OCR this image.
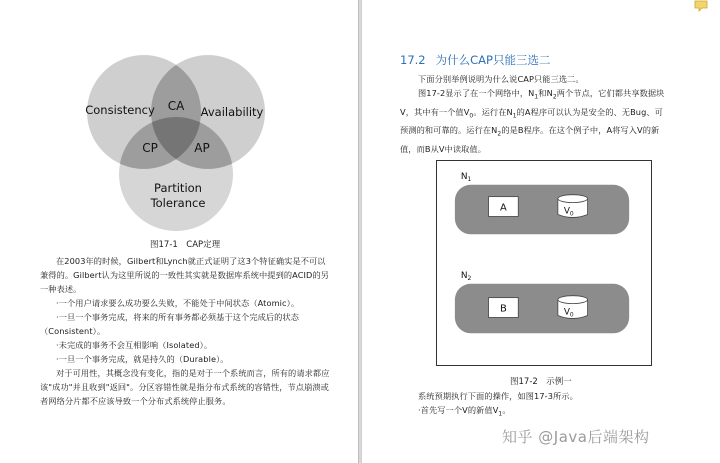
Consistency	Availability
CA
CP	AP
Partition
Tolerance
图17-1　CAP定理

在2003年的时候，Gilbert和Lynch就正式证明了这3个特征确实是不可以兼得的。Gilbert认为这里所说的一致性其实就是数据库系统中提到的ACID的另一种表述。

·一个用户请求要么成功要么失败，不能处于中间状态（Atomic）。

·一旦一个事务完成，将来的所有事务都必须基于这个完成后的状态（Consistent）。

·未完成的事务不会互相影响（Isolated）。

·一旦一个事务完成，就是持久的（Durable）。

对于可用性，其概念没有变化，指的是对于一个系统而言，所有的请求都应该"成功"并且收到"返回"。分区容错性就是指分布式系统的容错性，节点崩溃或者网络分片都不应该导致一个分布式系统停止服务。

17.2 为什么CAP只能三选二

下面分别举例说明为什么说CAP只能三选二。

图17-2显示了在一个网络中，$N_1$和$N_2$两个节点，它们都共享数据块V，其中有一个值$V_0$。运行在$N_1$的A程序可以认为是安全的、无Bug、可预测的和可靠的。运行在$N_2$的是B程序。在这个例子中，A将写入V的新值，而B从V中读取值。

$N_1$
A	$V_0$
$N_2$
B	$V_0$
图17-2　示例一

系统预期执行下面的操作，如图17-3所示。

·首先写一个V的新值$V_1$。

知乎 @Java后端架构
